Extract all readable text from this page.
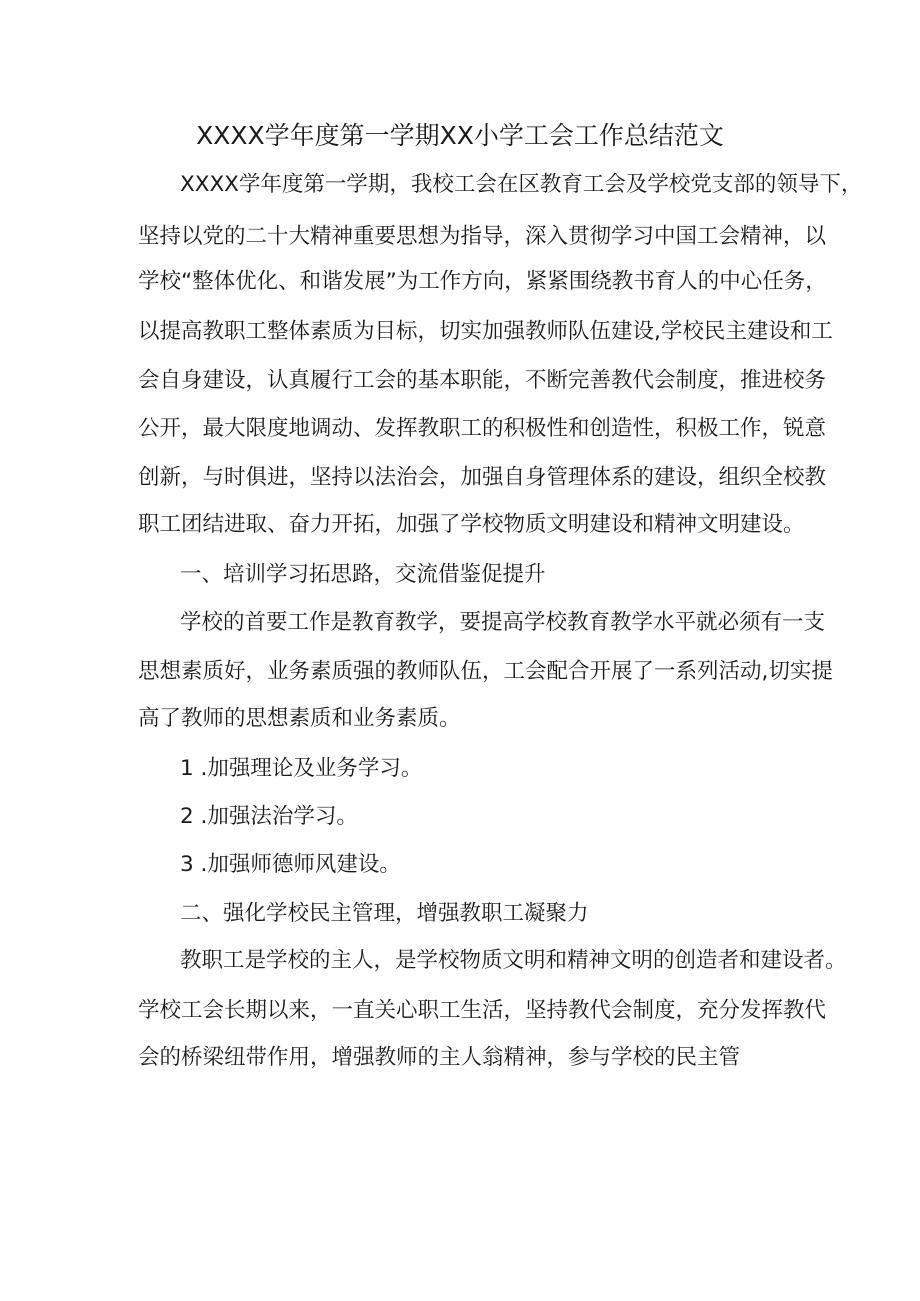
XXXX学年度第一学期XX小学工会工作总结范文
XXXX学年度第一学期，我校工会在区教育工会及学校党支部的领导下，
坚持以党的二十大精神重要思想为指导，深入贯彻学习中国工会精神，以
学校“整体优化、和谐发展”为工作方向，紧紧围绕教书育人的中心任务，
以提高教职工整体素质为目标，切实加强教师队伍建设,学校民主建设和工
会自身建设，认真履行工会的基本职能，不断完善教代会制度，推进校务
公开，最大限度地调动、发挥教职工的积极性和创造性，积极工作，锐意
创新，与时俱进，坚持以法治会，加强自身管理体系的建设，组织全校教
职工团结进取、奋力开拓，加强了学校物质文明建设和精神文明建设。
一、培训学习拓思路，交流借鉴促提升
学校的首要工作是教育教学，要提高学校教育教学水平就必须有一支
思想素质好，业务素质强的教师队伍，工会配合开展了一系列活动,切实提
高了教师的思想素质和业务素质。
1 .加强理论及业务学习。
2 .加强法治学习。
3 .加强师德师风建设。
二、强化学校民主管理，增强教职工凝聚力
教职工是学校的主人，是学校物质文明和精神文明的创造者和建设者。
学校工会长期以来，一直关心职工生活，坚持教代会制度，充分发挥教代
会的桥梁纽带作用，增强教师的主人翁精神，参与学校的民主管
